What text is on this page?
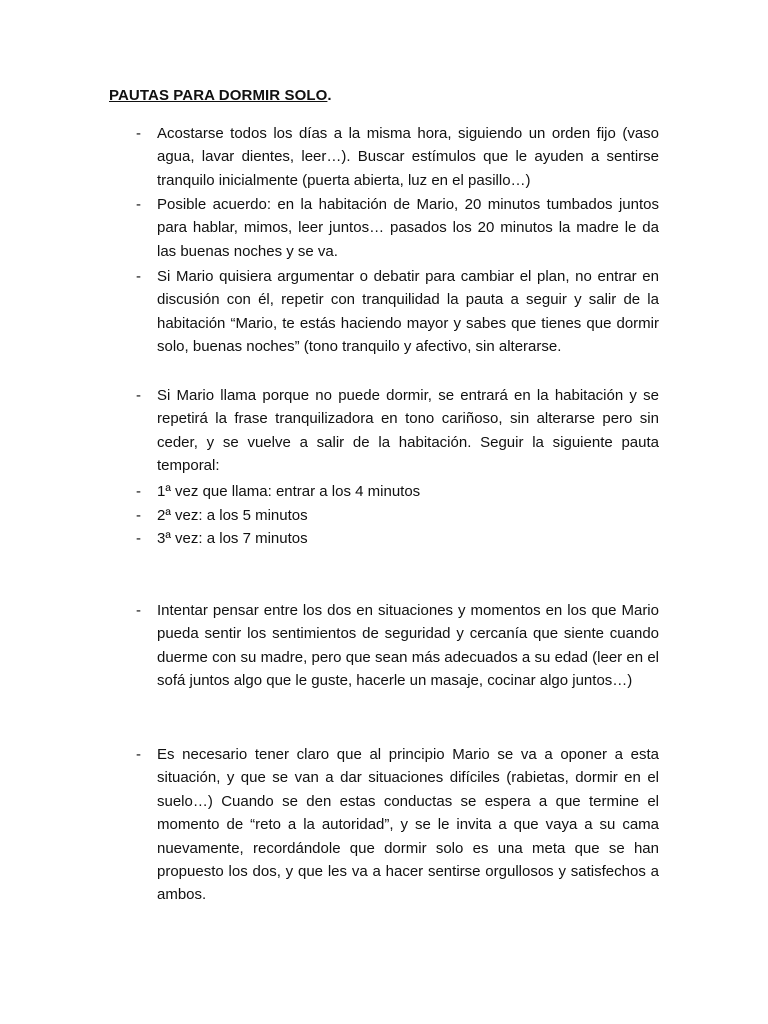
PAUTAS PARA DORMIR SOLO.
- Acostarse todos los días a la misma hora, siguiendo un orden fijo (vaso agua, lavar dientes, leer…). Buscar estímulos que le ayuden a sentirse tranquilo inicialmente (puerta abierta, luz en el pasillo…)
- Posible acuerdo: en la habitación de Mario, 20 minutos tumbados juntos para hablar, mimos, leer juntos… pasados los 20 minutos la madre le da las buenas noches y se va.
- Si Mario quisiera argumentar o debatir para cambiar el plan, no entrar en discusión con él, repetir con tranquilidad la pauta a seguir y salir de la habitación “Mario, te estás haciendo mayor y sabes que tienes que dormir solo, buenas noches” (tono tranquilo y afectivo, sin alterarse.
- Si Mario llama porque no puede dormir, se entrará en la habitación y se repetirá la frase tranquilizadora en tono cariñoso, sin alterarse pero sin ceder, y se vuelve a salir de la habitación. Seguir la siguiente pauta temporal:
- 1ª vez que llama: entrar a los 4 minutos
- 2ª vez: a los 5 minutos
- 3ª vez: a los 7 minutos
- Intentar pensar entre los dos en situaciones y momentos en los que Mario pueda sentir los sentimientos de seguridad y cercanía que siente cuando duerme con su madre, pero que sean más adecuados a su edad (leer en el sofá juntos algo que le guste, hacerle un masaje, cocinar algo juntos…)
- Es necesario tener claro que al principio Mario se va a oponer a esta situación, y que se van a dar situaciones difíciles (rabietas, dormir en el suelo…) Cuando se den estas conductas se espera a que termine el momento de “reto a la autoridad”, y se le invita a que vaya a su cama nuevamente, recordándole que dormir solo es una meta que se han propuesto los dos, y que les va a hacer sentirse orgullosos y satisfechos a ambos.
